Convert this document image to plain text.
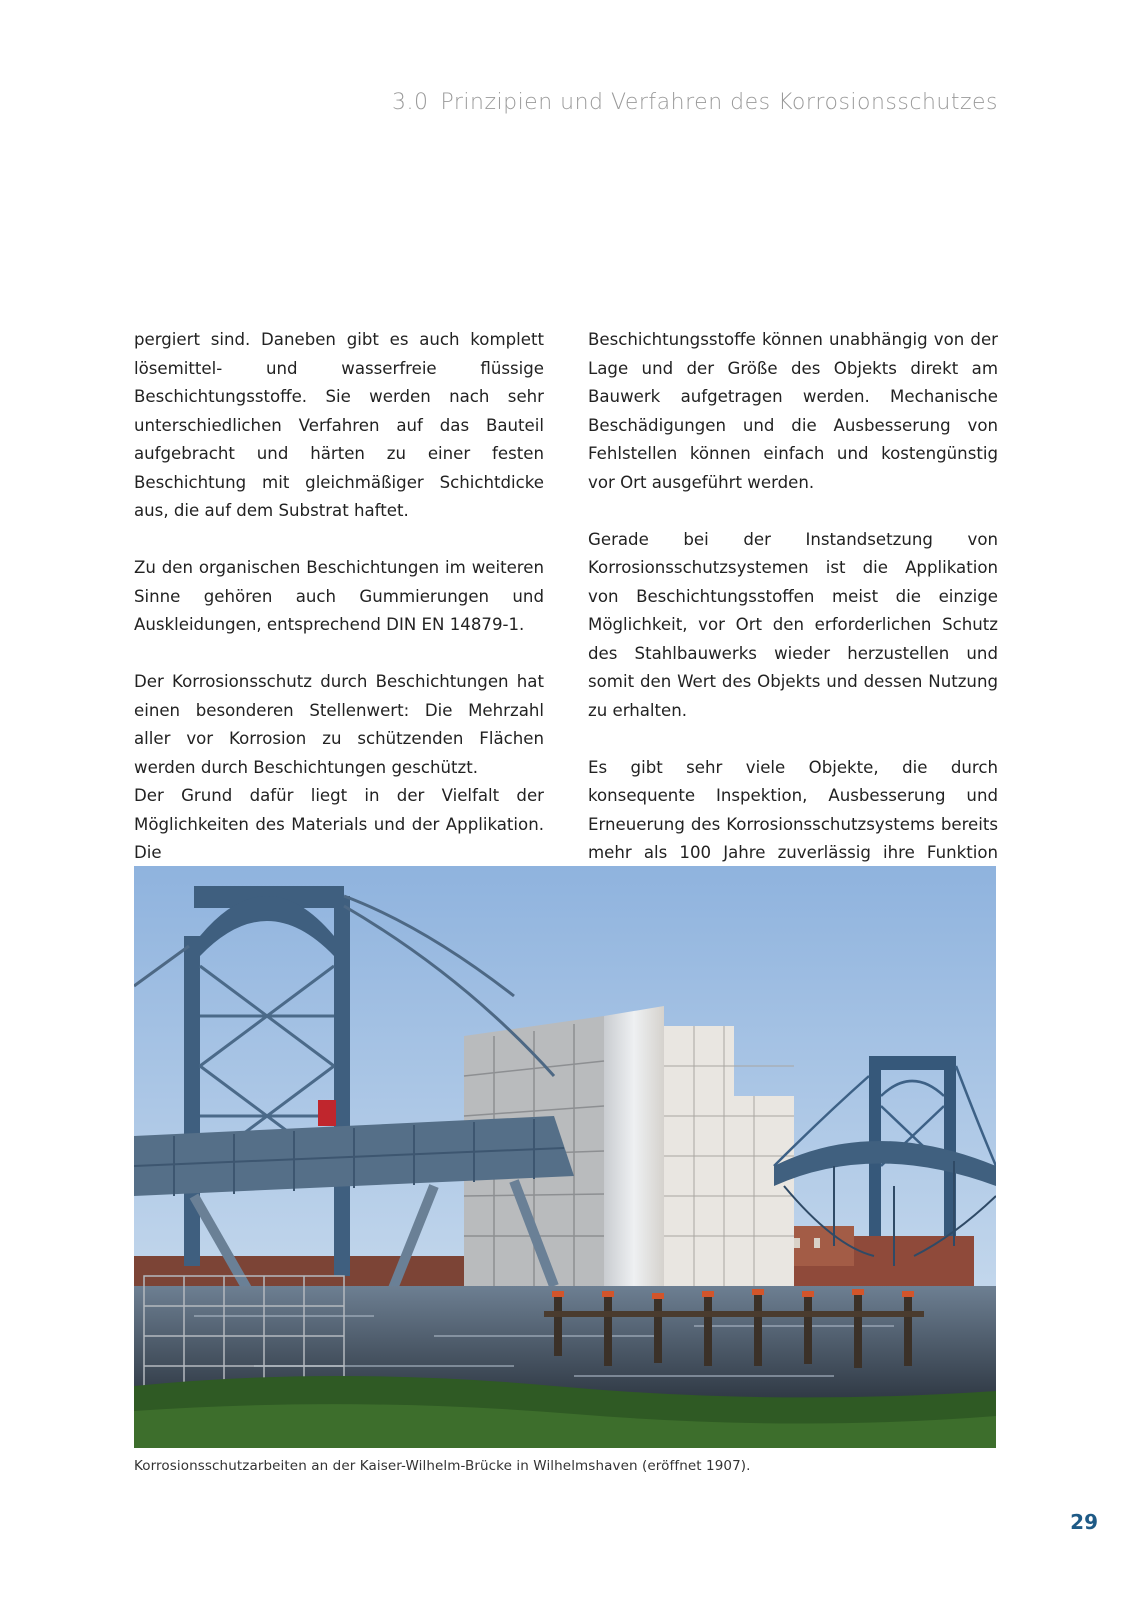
3.0 Prinzipien und Verfahren des Korrosionsschutzes

pergiert sind. Daneben gibt es auch komplett lösemittel- und wasserfreie flüssige Beschichtungsstoffe. Sie werden nach sehr unterschiedlichen Verfahren auf das Bauteil aufgebracht und härten zu einer festen Beschichtung mit gleichmäßiger Schichtdicke aus, die auf dem Substrat haftet.

Zu den organischen Beschichtungen im weiteren Sinne gehören auch Gummierungen und Auskleidungen, entsprechend DIN EN 14879-1.

Der Korrosionsschutz durch Beschichtungen hat einen besonderen Stellenwert: Die Mehrzahl aller vor Korrosion zu schützenden Flächen werden durch Beschichtungen geschützt.

Der Grund dafür liegt in der Vielfalt der Möglichkeiten des Materials und der Applikation. Die

Beschichtungsstoffe können unabhängig von der Lage und der Größe des Objekts direkt am Bauwerk aufgetragen werden. Mechanische Beschädigungen und die Ausbesserung von Fehlstellen können einfach und kostengünstig vor Ort ausgeführt werden.

Gerade bei der Instandsetzung von Korrosionsschutzsystemen ist die Applikation von Beschichtungsstoffen meist die einzige Möglichkeit, vor Ort den erforderlichen Schutz des Stahlbauwerks wieder herzustellen und somit den Wert des Objekts und dessen Nutzung zu erhalten.

Es gibt sehr viele Objekte, die durch konsequente Inspektion, Ausbesserung und Erneuerung des Korrosionsschutzsystems bereits mehr als 100 Jahre zuverlässig ihre Funktion

Korrosionsschutzarbeiten an der Kaiser-Wilhelm-Brücke in Wilhelmshaven (eröffnet 1907).
29
